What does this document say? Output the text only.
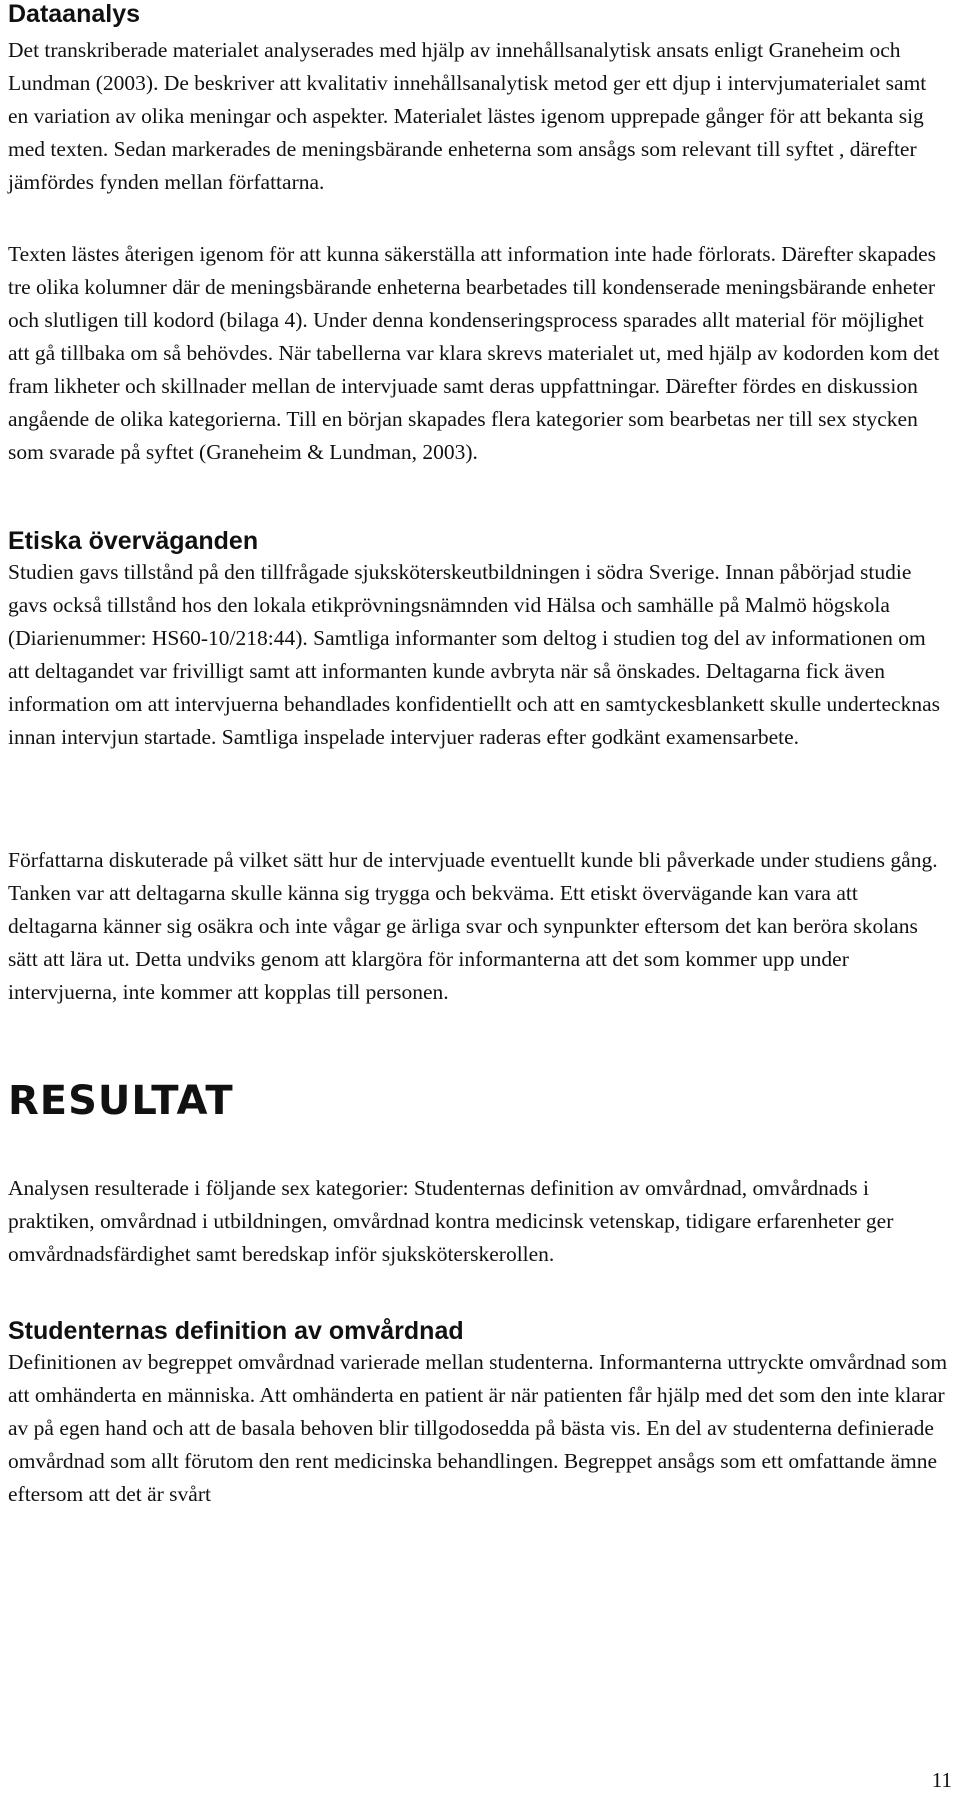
Dataanalys

Det transkriberade materialet analyserades med hjälp av innehållsanalytisk ansats enligt Graneheim och Lundman (2003). De beskriver att kvalitativ innehållsanalytisk metod ger ett djup i intervjumaterialet samt en variation av olika meningar och aspekter. Materialet lästes igenom upprepade gånger för att bekanta sig med texten. Sedan markerades de meningsbärande enheterna som ansågs som relevant till syftet , därefter jämfördes fynden mellan författarna.

Texten lästes återigen igenom för att kunna säkerställa att information inte hade förlorats. Därefter skapades tre olika kolumner där de meningsbärande enheterna bearbetades till kondenserade meningsbärande enheter och slutligen till kodord (bilaga 4). Under denna kondenseringsprocess sparades allt material för möjlighet att gå tillbaka om så behövdes. När tabellerna var klara skrevs materialet ut, med hjälp av kodorden kom det fram likheter och skillnader mellan de intervjuade samt deras uppfattningar. Därefter fördes en diskussion angående de olika kategorierna. Till en början skapades flera kategorier som bearbetas ner till sex stycken som svarade på syftet (Graneheim & Lundman, 2003).

Etiska överväganden

Studien gavs tillstånd på den tillfrågade sjuksköterskeutbildningen i södra Sverige. Innan påbörjad studie gavs också tillstånd hos den lokala etikprövningsnämnden vid Hälsa och samhälle på Malmö högskola (Diarienummer: HS60-10/218:44). Samtliga informanter som deltog i studien tog del av informationen om att deltagandet var frivilligt samt att informanten kunde avbryta när så önskades. Deltagarna fick även information om att intervjuerna behandlades konfidentiellt och att en samtyckesblankett skulle undertecknas innan intervjun startade. Samtliga inspelade intervjuer raderas efter godkänt examensarbete.

Författarna diskuterade på vilket sätt hur de intervjuade eventuellt kunde bli påverkade under studiens gång. Tanken var att deltagarna skulle känna sig trygga och bekväma. Ett etiskt övervägande kan vara att deltagarna känner sig osäkra och inte vågar ge ärliga svar och synpunkter eftersom det kan beröra skolans sätt att lära ut. Detta undviks genom att klargöra för informanterna att det som kommer upp under intervjuerna, inte kommer att kopplas till personen.

RESULTAT

Analysen resulterade i följande sex kategorier: Studenternas definition av omvårdnad, omvårdnads i praktiken, omvårdnad i utbildningen, omvårdnad kontra medicinsk vetenskap, tidigare erfarenheter ger omvårdnadsfärdighet samt beredskap inför sjuksköterskerollen.

Studenternas definition av omvårdnad

Definitionen av begreppet omvårdnad varierade mellan studenterna. Informanterna uttryckte omvårdnad som att omhänderta en människa. Att omhänderta en patient är när patienten får hjälp med det som den inte klarar av på egen hand och att de basala behoven blir tillgodosedda på bästa vis. En del av studenterna definierade omvårdnad som allt förutom den rent medicinska behandlingen. Begreppet ansågs som ett omfattande ämne eftersom att det är svårt

11
